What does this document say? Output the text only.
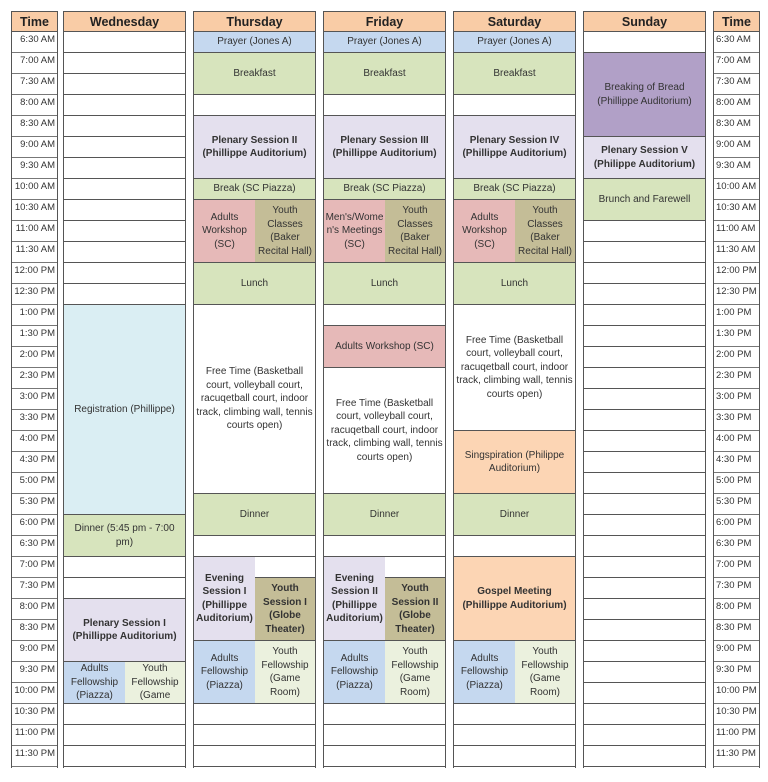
Time
6:30 AM
7:00 AM
7:30 AM
8:00 AM
8:30 AM
9:00 AM
9:30 AM
10:00 AM
10:30 AM
11:00 AM
11:30 AM
12:00 PM
12:30 PM
1:00 PM
1:30 PM
2:00 PM
2:30 PM
3:00 PM
3:30 PM
4:00 PM
4:30 PM
5:00 PM
5:30 PM
6:00 PM
6:30 PM
7:00 PM
7:30 PM
8:00 PM
8:30 PM
9:00 PM
9:30 PM
10:00 PM
10:30 PM
11:00 PM
11:30 PM
Wednesday
Registration (Phillippe)
Dinner (5:45 pm - 7:00 pm)
Plenary Session I (Phillippe Auditorium)
Adults Fellowship (Piazza)
Youth Fellowship (Game
Thursday
Prayer (Jones A)
Breakfast
Plenary Session II (Phillippe Auditorium)
Break (SC Piazza)
Adults Workshop (SC)
Youth Classes (Baker Recital Hall)
Lunch
Free Time (Basketball court, volleyball court, racuqetball court, indoor track, climbing wall, tennis courts open)
Dinner
Evening Session I (Phillippe Auditorium)
Youth Session I (Globe Theater)
Adults Fellowship (Piazza)
Youth Fellowship (Game Room)
Friday
Prayer (Jones A)
Breakfast
Plenary Session III (Phillippe Auditorium)
Break (SC Piazza)
Men's/Women's Meetings (SC)
Youth Classes (Baker Recital Hall)
Lunch
Adults Workshop (SC)
Free Time (Basketball court, volleyball court, racuqetball court, indoor track, climbing wall, tennis courts open)
Dinner
Evening Session II (Phillippe Auditorium)
Youth Session II (Globe Theater)
Adults Fellowship (Piazza)
Youth Fellowship (Game Room)
Saturday
Prayer (Jones A)
Breakfast
Plenary Session IV (Phillippe Auditorium)
Break (SC Piazza)
Adults Workshop (SC)
Youth Classes (Baker Recital Hall)
Lunch
Free Time (Basketball court, volleyball court, racuqetball court, indoor track, climbing wall, tennis courts open)
Singspiration (Philippe Auditorium)
Dinner
Gospel Meeting (Phillippe Auditorium)
Adults Fellowship (Piazza)
Youth Fellowship (Game Room)
Sunday
Breaking of Bread (Phillippe Auditorium)
Plenary Session V (Philippe Auditorium)
Brunch and Farewell
Time
6:30 AM
7:00 AM
7:30 AM
8:00 AM
8:30 AM
9:00 AM
9:30 AM
10:00 AM
10:30 AM
11:00 AM
11:30 AM
12:00 PM
12:30 PM
1:00 PM
1:30 PM
2:00 PM
2:30 PM
3:00 PM
3:30 PM
4:00 PM
4:30 PM
5:00 PM
5:30 PM
6:00 PM
6:30 PM
7:00 PM
7:30 PM
8:00 PM
8:30 PM
9:00 PM
9:30 PM
10:00 PM
10:30 PM
11:00 PM
11:30 PM
